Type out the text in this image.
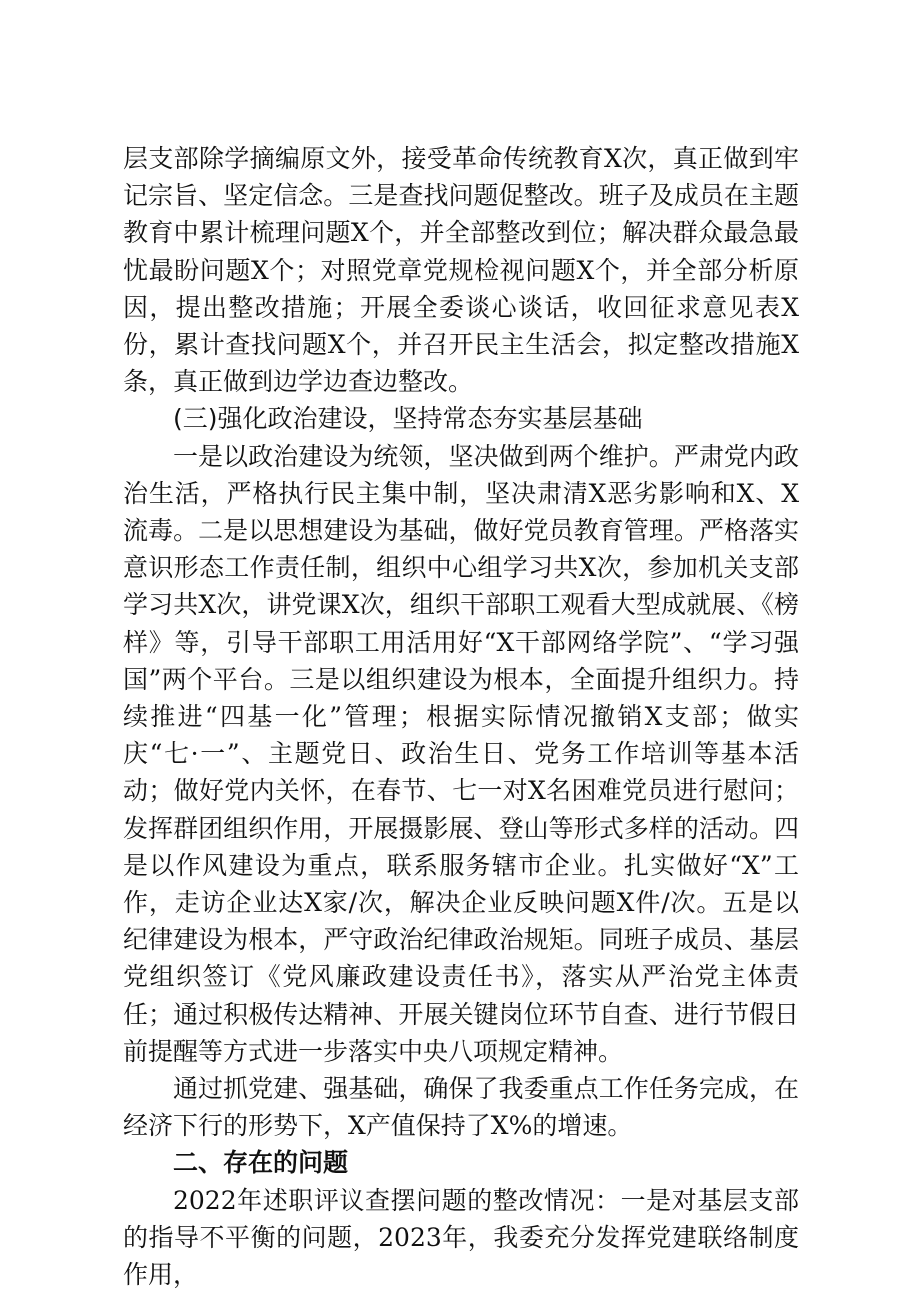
层支部除学摘编原文外，接受革命传统教育X次，真正做到牢记宗旨、坚定信念。三是查找问题促整改。班子及成员在主题教育中累计梳理问题X个，并全部整改到位；解决群众最急最忧最盼问题X个；对照党章党规检视问题X个，并全部分析原因，提出整改措施；开展全委谈心谈话，收回征求意见表X份，累计查找问题X个，并召开民主生活会，拟定整改措施X条，真正做到边学边查边整改。

(三)强化政治建设，坚持常态夯实基层基础

一是以政治建设为统领，坚决做到两个维护。严肃党内政治生活，严格执行民主集中制，坚决肃清X恶劣影响和X、X流毒。二是以思想建设为基础，做好党员教育管理。严格落实意识形态工作责任制，组织中心组学习共X次，参加机关支部学习共X次，讲党课X次，组织干部职工观看大型成就展、《榜样》等，引导干部职工用活用好“X干部网络学院”、“学习强国”两个平台。三是以组织建设为根本，全面提升组织力。持续推进“四基一化”管理；根据实际情况撤销X支部；做实庆“七·一”、主题党日、政治生日、党务工作培训等基本活动；做好党内关怀，在春节、七一对X名困难党员进行慰问；发挥群团组织作用，开展摄影展、登山等形式多样的活动。四是以作风建设为重点，联系服务辖市企业。扎实做好“X”工作，走访企业达X家/次，解决企业反映问题X件/次。五是以纪律建设为根本，严守政治纪律政治规矩。同班子成员、基层党组织签订《党风廉政建设责任书》，落实从严治党主体责任；通过积极传达精神、开展关键岗位环节自查、进行节假日前提醒等方式进一步落实中央八项规定精神。

通过抓党建、强基础，确保了我委重点工作任务完成，在经济下行的形势下，X产值保持了X%的增速。

二、存在的问题

2022年述职评议查摆问题的整改情况：一是对基层支部的指导不平衡的问题，2023年，我委充分发挥党建联络制度作用，
